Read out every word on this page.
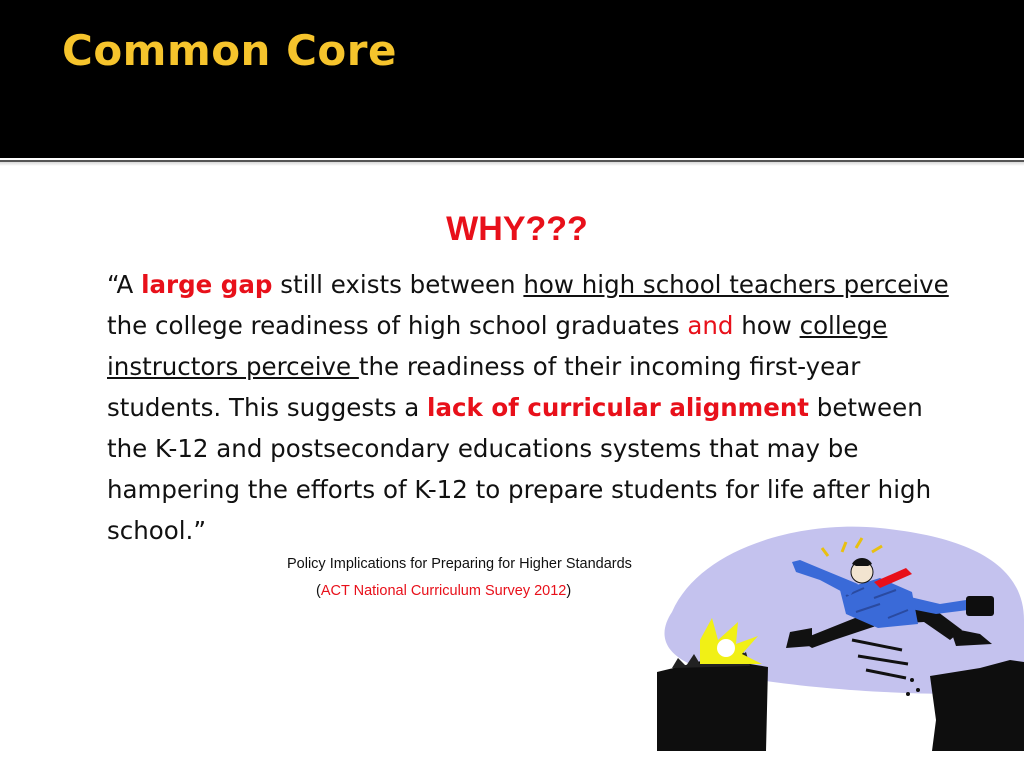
Common Core
WHY???

“A large gap still exists between how high school teachers perceive the college readiness of high school graduates and how college instructors perceive the readiness of their incoming first-year students. This suggests a lack of curricular alignment between the K-12 and postsecondary educations systems that may be hampering the efforts of K-12 to prepare students for life after high school.”

Policy Implications for Preparing for Higher Standards

(ACT National Curriculum Survey 2012)
